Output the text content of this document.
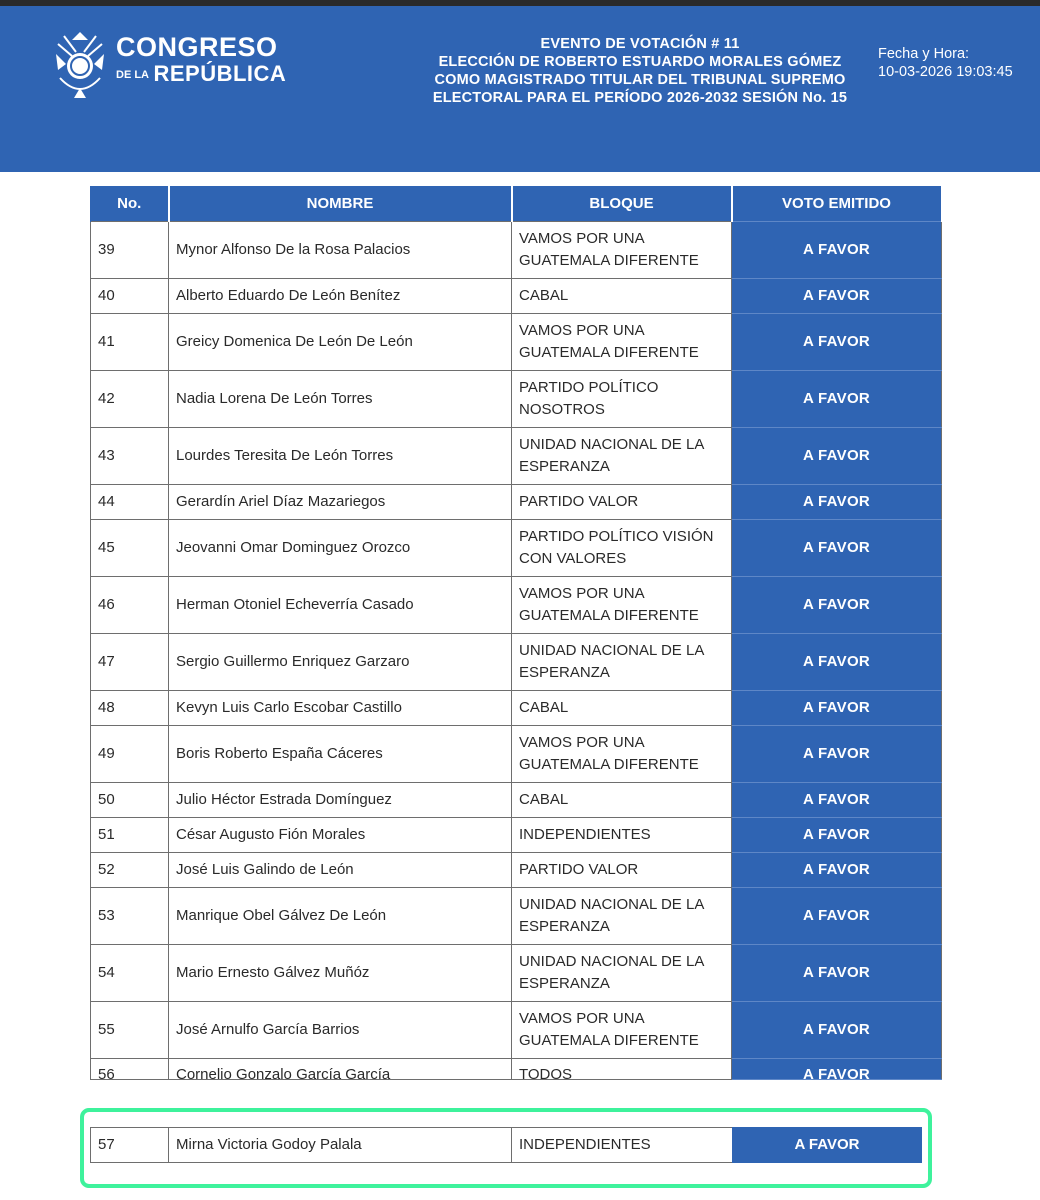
CONGRESO
DE LA REPÚBLICA
EVENTO DE VOTACIÓN # 11
ELECCIÓN DE ROBERTO ESTUARDO MORALES GÓMEZ
COMO MAGISTRADO TITULAR DEL TRIBUNAL SUPREMO
ELECTORAL PARA EL PERÍODO 2026-2032 SESIÓN No. 15
Fecha y Hora:
10-03-2026 19:03:45
No.	NOMBRE	BLOQUE	VOTO EMITIDO
39	Mynor Alfonso De la Rosa Palacios	VAMOS POR UNA GUATEMALA DIFERENTE	A FAVOR
40	Alberto Eduardo De León Benítez	CABAL	A FAVOR
41	Greicy Domenica De León De León	VAMOS POR UNA GUATEMALA DIFERENTE	A FAVOR
42	Nadia Lorena De León Torres	PARTIDO POLÍTICO NOSOTROS	A FAVOR
43	Lourdes Teresita De León Torres	UNIDAD NACIONAL DE LA ESPERANZA	A FAVOR
44	Gerardín Ariel Díaz Mazariegos	PARTIDO VALOR	A FAVOR
45	Jeovanni Omar Dominguez Orozco	PARTIDO POLÍTICO VISIÓN CON VALORES	A FAVOR
46	Herman Otoniel Echeverría Casado	VAMOS POR UNA GUATEMALA DIFERENTE	A FAVOR
47	Sergio Guillermo Enriquez Garzaro	UNIDAD NACIONAL DE LA ESPERANZA	A FAVOR
48	Kevyn Luis Carlo Escobar Castillo	CABAL	A FAVOR
49	Boris Roberto España Cáceres	VAMOS POR UNA GUATEMALA DIFERENTE	A FAVOR
50	Julio Héctor Estrada Domínguez	CABAL	A FAVOR
51	César Augusto Fión Morales	INDEPENDIENTES	A FAVOR
52	José Luis Galindo de León	PARTIDO VALOR	A FAVOR
53	Manrique Obel Gálvez De León	UNIDAD NACIONAL DE LA ESPERANZA	A FAVOR
54	Mario Ernesto Gálvez Muñóz	UNIDAD NACIONAL DE LA ESPERANZA	A FAVOR
55	José Arnulfo García Barrios	VAMOS POR UNA GUATEMALA DIFERENTE	A FAVOR

56	Cornelio Gonzalo García García	TODOS	A FAVOR
57	Mirna Victoria Godoy Palala	INDEPENDIENTES	A FAVOR
